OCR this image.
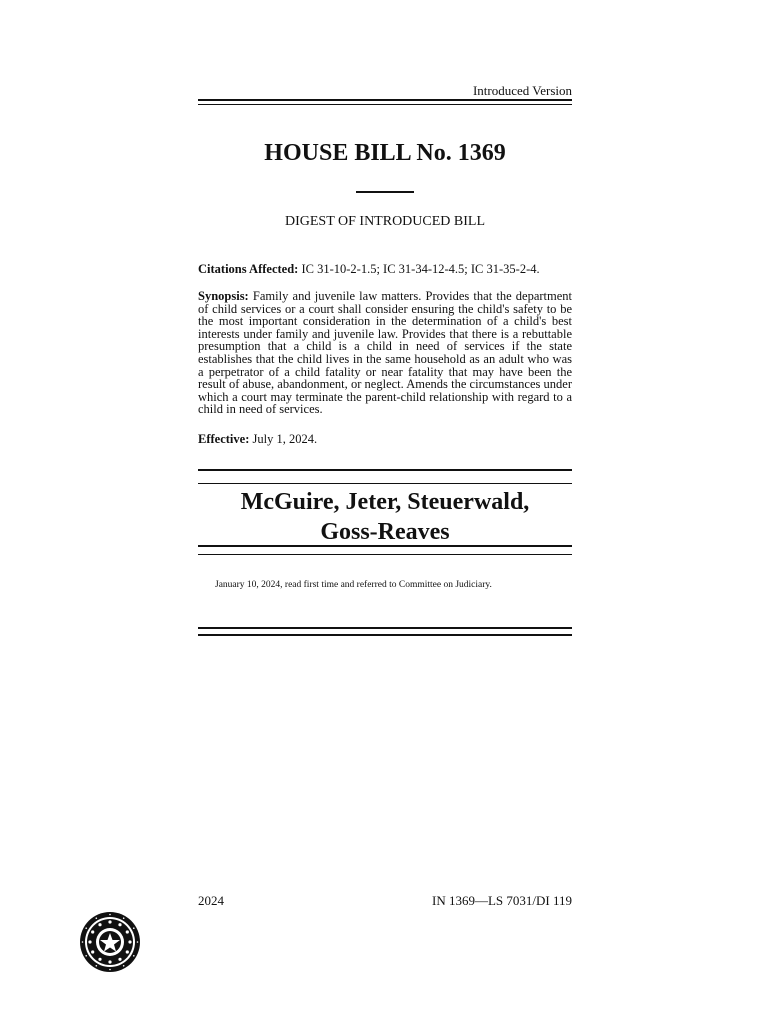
Introduced Version
HOUSE BILL No. 1369
DIGEST OF INTRODUCED BILL
Citations Affected: IC 31-10-2-1.5; IC 31-34-12-4.5; IC 31-35-2-4.
Synopsis: Family and juvenile law matters. Provides that the department of child services or a court shall consider ensuring the child's safety to be the most important consideration in the determination of a child's best interests under family and juvenile law. Provides that there is a rebuttable presumption that a child is a child in need of services if the state establishes that the child lives in the same household as an adult who was a perpetrator of a child fatality or near fatality that may have been the result of abuse, abandonment, or neglect. Amends the circumstances under which a court may terminate the parent-child relationship with regard to a child in need of services.
Effective: July 1, 2024.
McGuire, Jeter, Steuerwald,
Goss-Reaves
January 10, 2024, read first time and referred to Committee on Judiciary.
2024	IN 1369—LS 7031/DI 119
